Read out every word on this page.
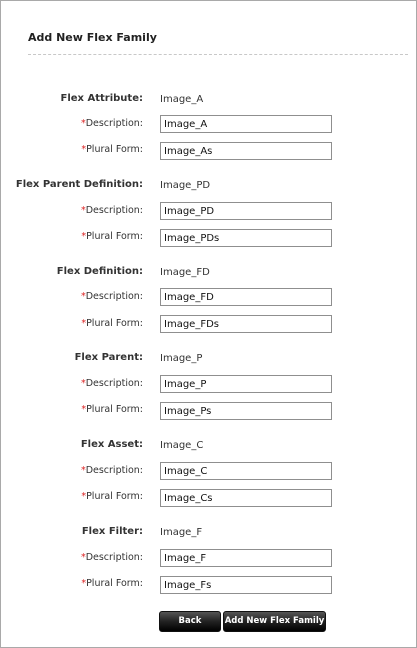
Add New Flex Family
Flex Attribute: Image_A
*Description:
Image_A
*Plural Form:
Image_As
Flex Parent Definition: Image_PD
*Description:
Image_PD
*Plural Form:
Image_PDs
Flex Definition: Image_FD
*Description:
Image_FD
*Plural Form:
Image_FDs
Flex Parent: Image_P
*Description:
Image_P
*Plural Form:
Image_Ps
Flex Asset: Image_C
*Description:
Image_C
*Plural Form:
Image_Cs
Flex Filter: Image_F
*Description:
Image_F
*Plural Form:
Image_Fs
Back	Add New Flex Family
